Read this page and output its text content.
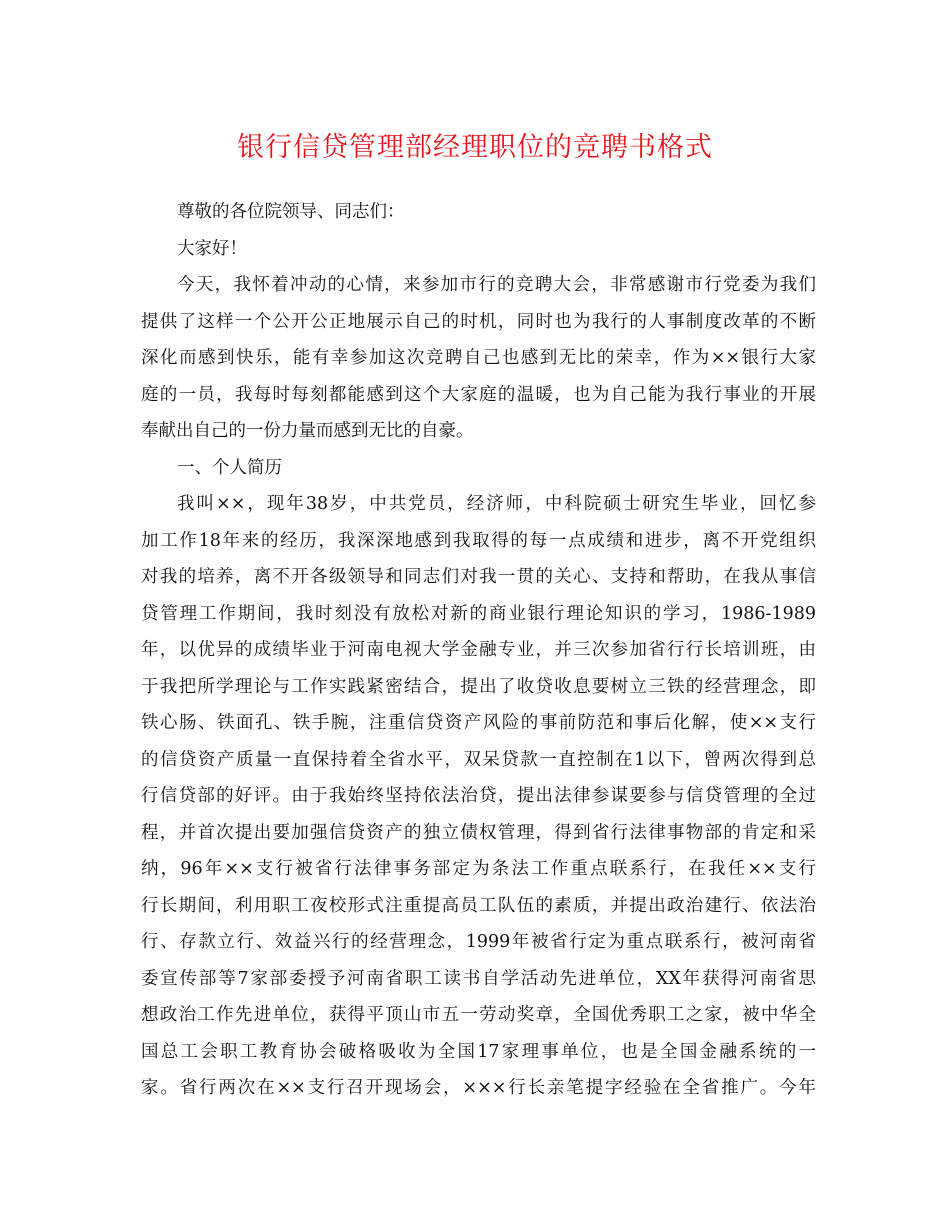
银行信贷管理部经理职位的竞聘书格式
尊敬的各位院领导、同志们：
大家好！
今天，我怀着冲动的心情，来参加市行的竞聘大会，非常感谢市行党委为我们
提供了这样一个公开公正地展示自己的时机，同时也为我行的人事制度改革的不断
深化而感到快乐，能有幸参加这次竞聘自己也感到无比的荣幸，作为××银行大家
庭的一员，我每时每刻都能感到这个大家庭的温暖，也为自己能为我行事业的开展
奉献出自己的一份力量而感到无比的自豪。
一、个人简历
我叫××，现年38岁，中共党员，经济师，中科院硕士研究生毕业，回忆参
加工作18年来的经历，我深深地感到我取得的每一点成绩和进步，离不开党组织
对我的培养，离不开各级领导和同志们对我一贯的关心、支持和帮助，在我从事信
贷管理工作期间，我时刻没有放松对新的商业银行理论知识的学习，1986-1989
年，以优异的成绩毕业于河南电视大学金融专业，并三次参加省行行长培训班，由
于我把所学理论与工作实践紧密结合，提出了收贷收息要树立三铁的经营理念，即
铁心肠、铁面孔、铁手腕，注重信贷资产风险的事前防范和事后化解，使××支行
的信贷资产质量一直保持着全省水平，双呆贷款一直控制在1以下，曾两次得到总
行信贷部的好评。由于我始终坚持依法治贷，提出法律参谋要参与信贷管理的全过
程，并首次提出要加强信贷资产的独立债权管理，得到省行法律事物部的肯定和采
纳，96年××支行被省行法律事务部定为条法工作重点联系行，在我任××支行
行长期间，利用职工夜校形式注重提高员工队伍的素质，并提出政治建行、依法治
行、存款立行、效益兴行的经营理念，1999年被省行定为重点联系行，被河南省
委宣传部等7家部委授予河南省职工读书自学活动先进单位，XX年获得河南省思
想政治工作先进单位，获得平顶山市五一劳动奖章，全国优秀职工之家，被中华全
国总工会职工教育协会破格吸收为全国17家理事单位，也是全国金融系统的一
家。省行两次在××支行召开现场会，×××行长亲笔提字经验在全省推广。今年
